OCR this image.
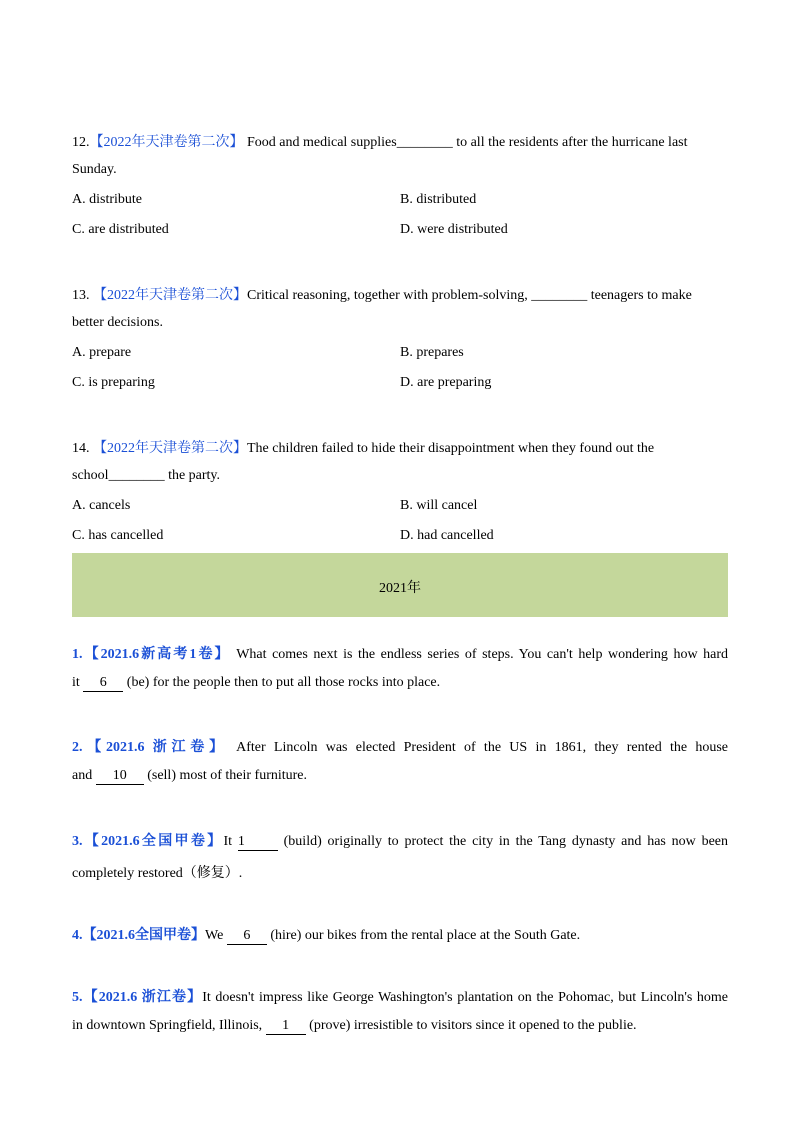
12.【2022年天津卷第二次】 Food and medical supplies________ to all the residents after the hurricane last
Sunday.
A. distribute	B. distributed
C. are distributed	D. were distributed
13. 【2022年天津卷第二次】Critical reasoning, together with problem-solving, ________ teenagers to make
better decisions.
A. prepare	B. prepares
C. is preparing	D. are preparing
14. 【2022年天津卷第二次】The children failed to hide their disappointment when they found out the
school________ the party.
A. cancels	B. will cancel
C. has cancelled	D. had cancelled
2021年
1.【2021.6新高考1卷】 What comes next is the endless series of steps. You can't help wondering how hard
it 6 (be) for the people then to put all those rocks into place.
2.【2021.6 浙江卷】 After Lincoln was elected President of the US in 1861, they rented the house
and 10 (sell) most of their furniture.
3.【2021.6全国甲卷】It 1	(build) originally to protect the city in the Tang dynasty and has now been
completely restored（修复）.
4.【2021.6全国甲卷】We 6 (hire) our bikes from the rental place at the South Gate.
5.【2021.6 浙江卷】It doesn't impress like George Washington's plantation on the Pohomac, but Lincoln's home
in downtown Springfield, Illinois, 1 (prove) irresistible to visitors since it opened to the publie.
